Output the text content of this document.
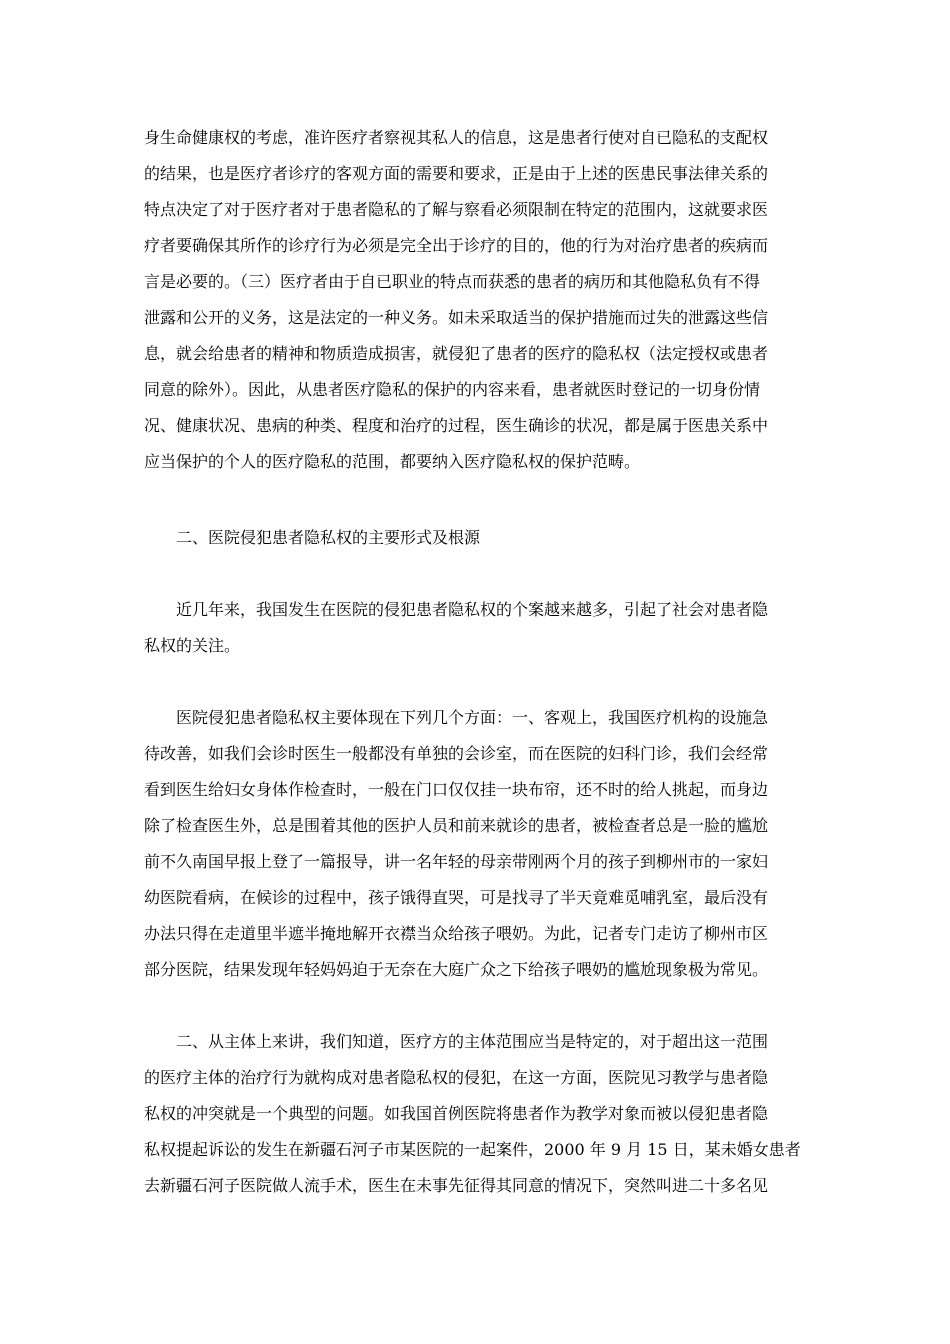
身生命健康权的考虑，准许医疗者察视其私人的信息，这是患者行使对自已隐私的支配权
的结果，也是医疗者诊疗的客观方面的需要和要求，正是由于上述的医患民事法律关系的
特点决定了对于医疗者对于患者隐私的了解与察看必须限制在特定的范围内，这就要求医
疗者要确保其所作的诊疗行为必须是完全出于诊疗的目的，他的行为对治疗患者的疾病而
言是必要的。（三）医疗者由于自已职业的特点而获悉的患者的病历和其他隐私负有不得
泄露和公开的义务，这是法定的一种义务。如未采取适当的保护措施而过失的泄露这些信
息，就会给患者的精神和物质造成损害，就侵犯了患者的医疗的隐私权（法定授权或患者
同意的除外）。因此，从患者医疗隐私的保护的内容来看，患者就医时登记的一切身份情
况、健康状况、患病的种类、程度和治疗的过程，医生确诊的状况，都是属于医患关系中
应当保护的个人的医疗隐私的范围，都要纳入医疗隐私权的保护范畴。
二、医院侵犯患者隐私权的主要形式及根源
近几年来，我国发生在医院的侵犯患者隐私权的个案越来越多，引起了社会对患者隐
私权的关注。
医院侵犯患者隐私权主要体现在下列几个方面：一、客观上，我国医疗机构的设施急
待改善，如我们会诊时医生一般都没有单独的会诊室，而在医院的妇科门诊，我们会经常
看到医生给妇女身体作检查时，一般在门口仅仅挂一块布帘，还不时的给人挑起，而身边
除了检查医生外，总是围着其他的医护人员和前来就诊的患者，被检查者总是一脸的尴尬
前不久南国早报上登了一篇报导，讲一名年轻的母亲带刚两个月的孩子到柳州市的一家妇
幼医院看病，在候诊的过程中，孩子饿得直哭，可是找寻了半天竟难觅哺乳室，最后没有
办法只得在走道里半遮半掩地解开衣襟当众给孩子喂奶。为此，记者专门走访了柳州市区
部分医院，结果发现年轻妈妈迫于无奈在大庭广众之下给孩子喂奶的尴尬现象极为常见。
二、从主体上来讲，我们知道，医疗方的主体范围应当是特定的，对于超出这一范围
的医疗主体的治疗行为就构成对患者隐私权的侵犯，在这一方面，医院见习教学与患者隐
私权的冲突就是一个典型的问题。如我国首例医院将患者作为教学对象而被以侵犯患者隐
私权提起诉讼的发生在新疆石河子市某医院的一起案件，2000 年 9 月 15 日，某未婚女患者
去新疆石河子医院做人流手术，医生在未事先征得其同意的情况下，突然叫进二十多名见
